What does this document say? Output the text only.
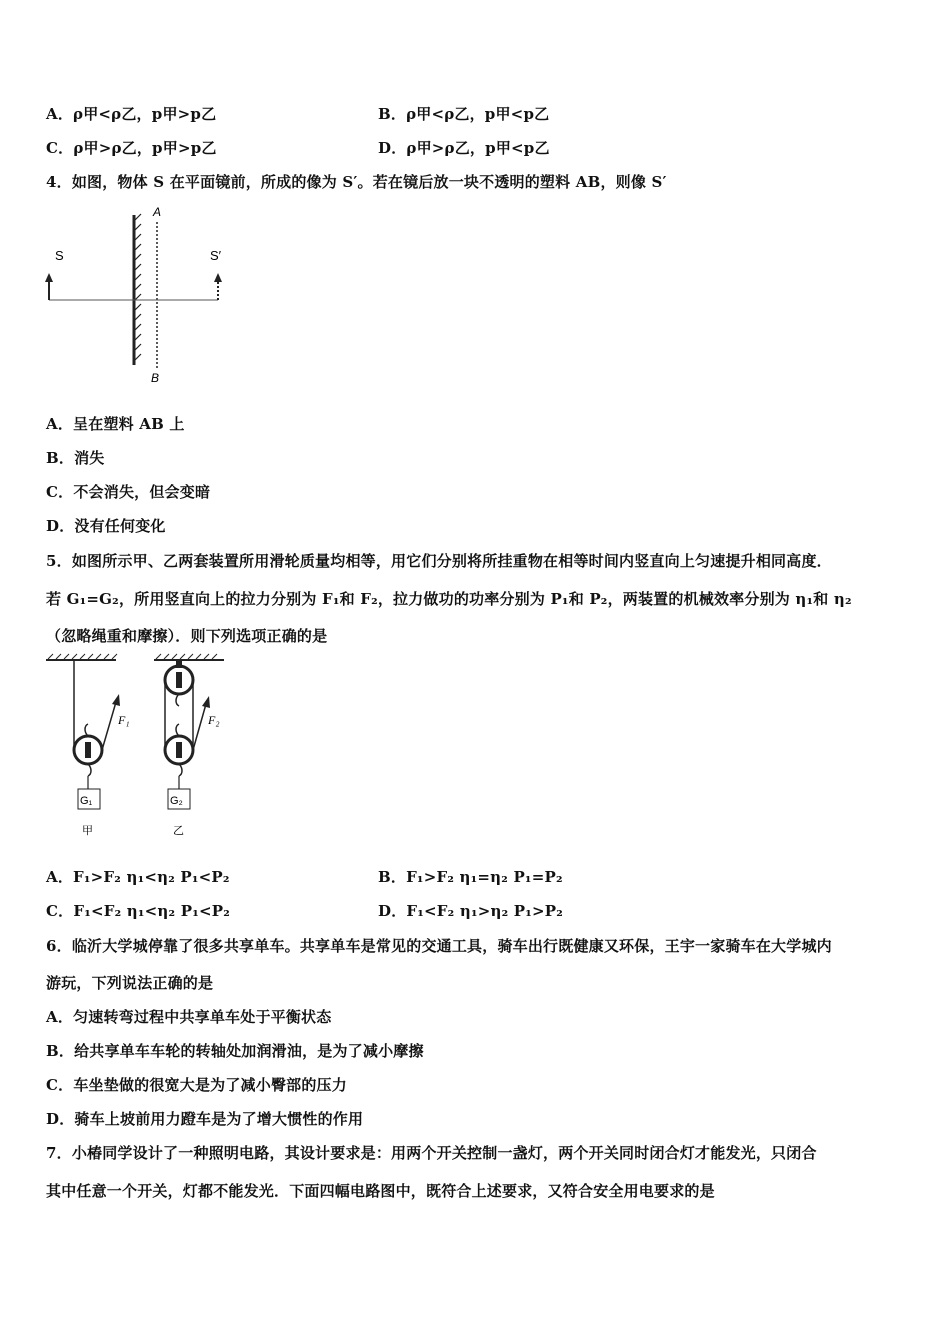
A．ρ甲<ρ乙，p甲>p乙	B．ρ甲<ρ乙，p甲<p乙
C．ρ甲>ρ乙，p甲>p乙	D．ρ甲>ρ乙，p甲<p乙
4．如图，物体 S 在平面镜前，所成的像为 S′。若在镜后放一块不透明的塑料 AB，则像 S′
S	S′
A
B
A．呈在塑料 AB 上
B．消失
C．不会消失，但会变暗
D．没有任何变化
5．如图所示甲、乙两套装置所用滑轮质量均相等，用它们分别将所挂重物在相等时间内竖直向上匀速提升相同高度．
若 G₁=G₂，所用竖直向上的拉力分别为 F₁和 F₂，拉力做功的功率分别为 P₁和 P₂，两装置的机械效率分别为 η₁和 η₂
（忽略绳重和摩擦）．则下列选项正确的是
F₁
G₁
甲
F₂
G₂
乙
A．F₁>F₂ η₁<η₂ P₁<P₂	B．F₁>F₂ η₁=η₂ P₁=P₂
C．F₁<F₂ η₁<η₂ P₁<P₂	D．F₁<F₂ η₁>η₂ P₁>P₂
6．临沂大学城停靠了很多共享单车。共享单车是常见的交通工具，骑车出行既健康又环保，王宇一家骑车在大学城内
游玩，下列说法正确的是
A．匀速转弯过程中共享单车处于平衡状态
B．给共享单车车轮的转轴处加润滑油，是为了减小摩擦
C．车坐垫做的很宽大是为了减小臀部的压力
D．骑车上坡前用力蹬车是为了增大惯性的作用
7．小椿同学设计了一种照明电路，其设计要求是：用两个开关控制一盏灯，两个开关同时闭合灯才能发光，只闭合
其中任意一个开关，灯都不能发光．下面四幅电路图中，既符合上述要求，又符合安全用电要求的是
